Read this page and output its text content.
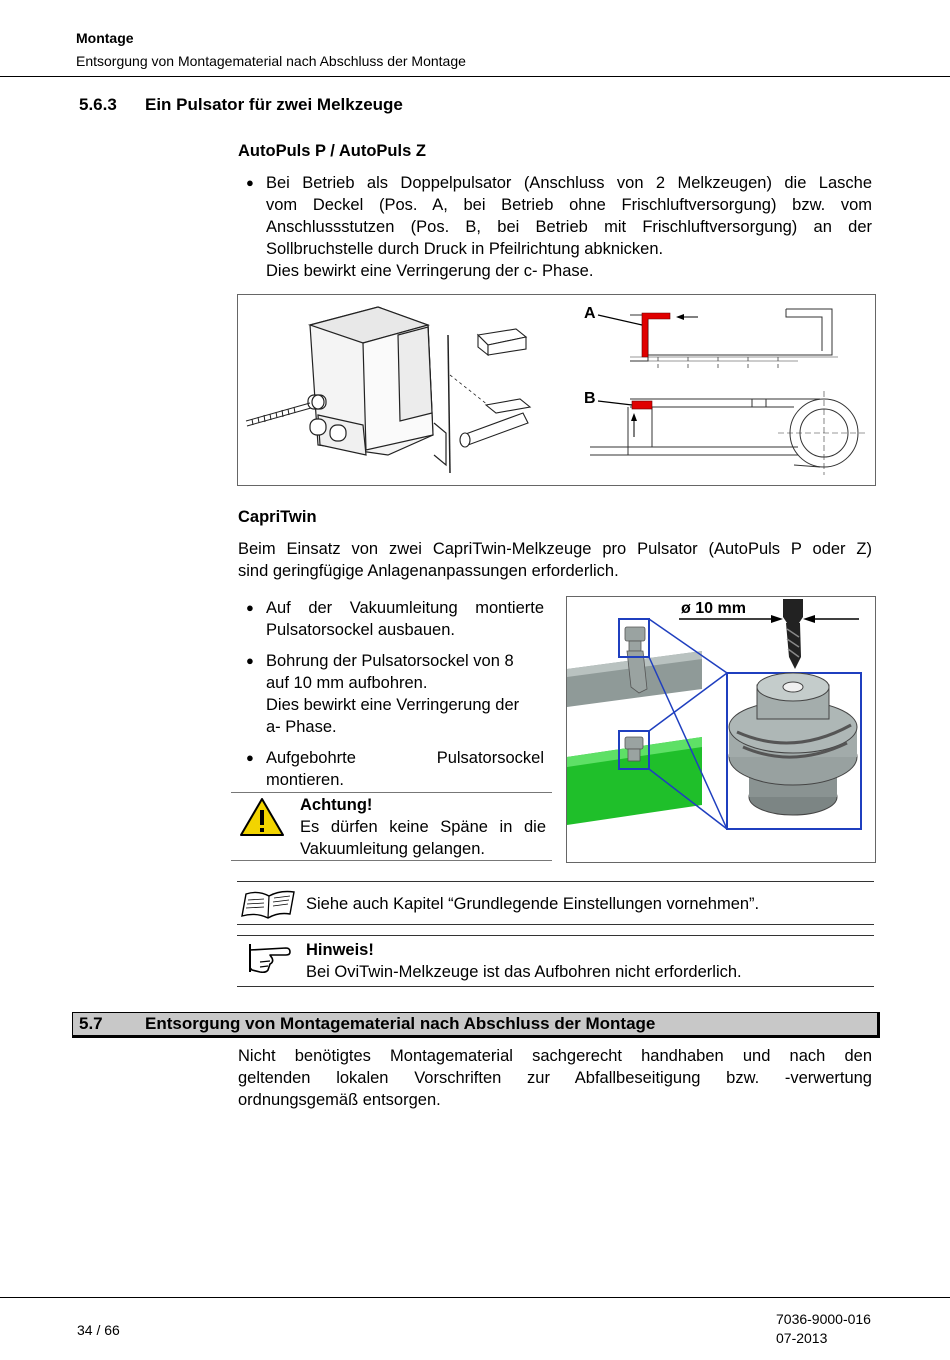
Montage
Entsorgung von Montagematerial nach Abschluss der Montage
5.6.3 Ein Pulsator für zwei Melkzeuge
AutoPuls P / AutoPuls Z
● Bei Betrieb als Doppelpulsator (Anschluss von 2 Melkzeugen) die Lasche
vom Deckel (Pos. A, bei Betrieb ohne Frischluftversorgung) bzw. vom
Anschlussstutzen (Pos. B, bei Betrieb mit Frischluftversorgung) an der
Sollbruchstelle durch Druck in Pfeilrichtung abknicken.
Dies bewirkt eine Verringerung der c- Phase.
A
B
CapriTwin
Beim Einsatz von zwei CapriTwin-Melkzeuge pro Pulsator (AutoPuls P oder Z)
sind geringfügige Anlagenanpassungen erforderlich.
● Auf der Vakuumleitung montierte
Pulsatorsockel ausbauen.
● Bohrung der Pulsatorsockel von 8
auf 10 mm aufbohren.
Dies bewirkt eine Verringerung der
a- Phase.
● Aufgebohrte Pulsatorsockel
montieren.
Achtung!
Es dürfen keine Späne in die
Vakuumleitung gelangen.
ø 10 mm
Siehe auch Kapitel “Grundlegende Einstellungen vornehmen”.
Hinweis!
Bei OviTwin-Melkzeuge ist das Aufbohren nicht erforderlich.
5.7 Entsorgung von Montagematerial nach Abschluss der Montage
Nicht benötigtes Montagematerial sachgerecht handhaben und nach den
geltenden lokalen Vorschriften zur Abfallbeseitigung bzw. -verwertung
ordnungsgemäß entsorgen.
34 / 66
7036-9000-016
07-2013
